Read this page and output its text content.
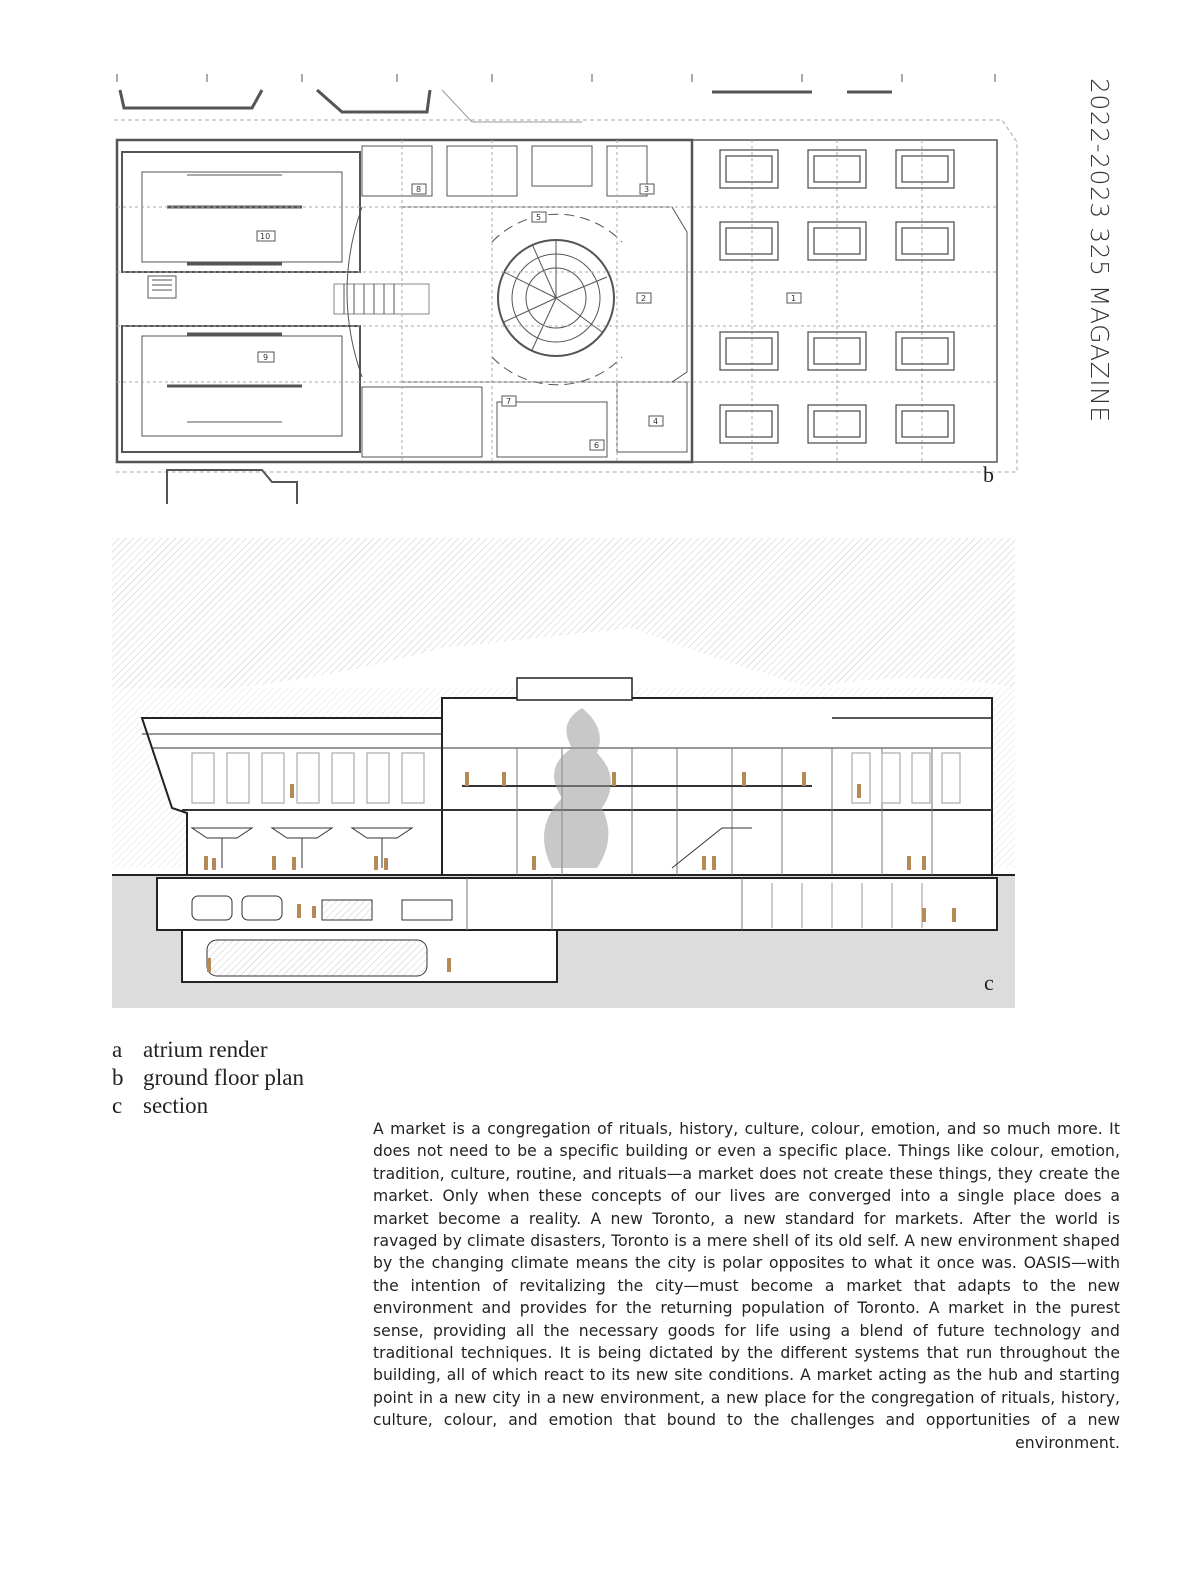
2022-2023 325 MAGAZINE
1
2
3
4
5
6
7
8
9
10
b
c
a atrium render
b ground floor plan
c section
A market is a congregation of rituals, history, culture, colour, emotion, and so much more. It does not need to be a specific building or even a specific place. Things like colour, emotion, tradition, culture, routine, and rituals—a market does not create these things, they create the market. Only when these concepts of our lives are converged into a single place does a market become a reality. A new Toronto, a new standard for markets. After the world is ravaged by climate disasters, Toronto is a mere shell of its old self. A new environment shaped by the changing climate means the city is polar opposites to what it once was. OASIS—with the intention of revitalizing the city—must become a market that adapts to the new environment and provides for the returning population of Toronto. A market in the purest sense, providing all the necessary goods for life using a blend of future technology and traditional techniques. It is being dictated by the different systems that run throughout the building, all of which react to its new site conditions. A market acting as the hub and starting point in a new city in a new environment, a new place for the congregation of rituals, history, culture, colour, and emotion that bound to the challenges and opportunities of a new environment.
